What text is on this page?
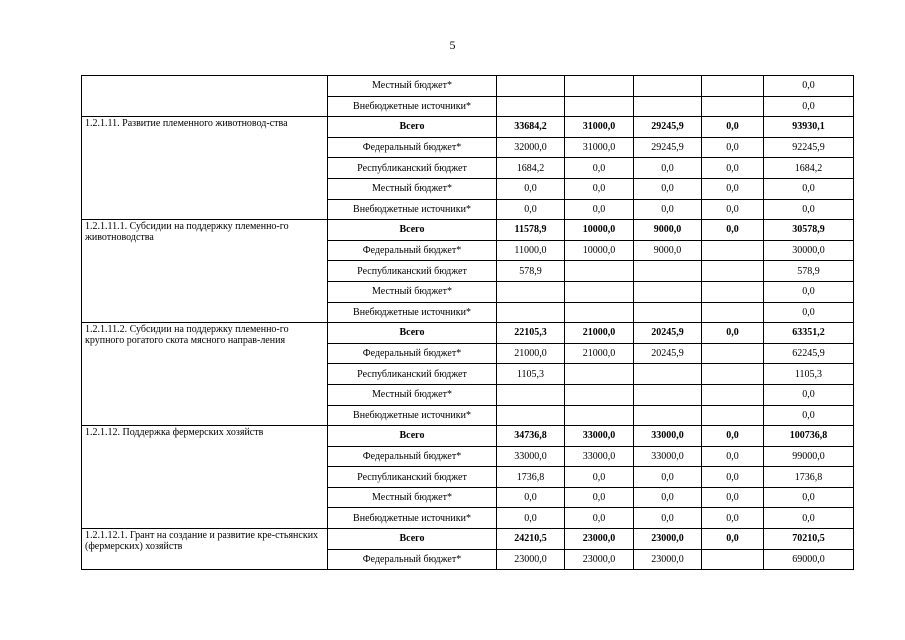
5
	Местный бюджет*					0,0
	Внебюджетные источники*					0,0
1.2.1.11. Развитие племенного животновод-ства	Всего	33684,2	31000,0	29245,9	0,0	93930,1
	Федеральный бюджет*	32000,0	31000,0	29245,9	0,0	92245,9
	Республиканский бюджет	1684,2	0,0	0,0	0,0	1684,2
	Местный бюджет*	0,0	0,0	0,0	0,0	0,0
	Внебюджетные источники*	0,0	0,0	0,0	0,0	0,0
1.2.1.11.1. Субсидии на поддержку племенно-го животноводства	Всего	11578,9	10000,0	9000,0	0,0	30578,9
	Федеральный бюджет*	11000,0	10000,0	9000,0		30000,0
	Республиканский бюджет	578,9				578,9
	Местный бюджет*					0,0
	Внебюджетные источники*					0,0
1.2.1.11.2. Субсидии на поддержку племенно-го крупного рогатого скота мясного направ-ления	Всего	22105,3	21000,0	20245,9	0,0	63351,2
	Федеральный бюджет*	21000,0	21000,0	20245,9		62245,9
	Республиканский бюджет	1105,3				1105,3
	Местный бюджет*					0,0
	Внебюджетные источники*					0,0
1.2.1.12. Поддержка фермерских хозяйств	Всего	34736,8	33000,0	33000,0	0,0	100736,8
	Федеральный бюджет*	33000,0	33000,0	33000,0	0,0	99000,0
	Республиканский бюджет	1736,8	0,0	0,0	0,0	1736,8
	Местный бюджет*	0,0	0,0	0,0	0,0	0,0
	Внебюджетные источники*	0,0	0,0	0,0	0,0	0,0
1.2.1.12.1. Грант на создание и развитие кре-стьянских (фермерских) хозяйств	Всего	24210,5	23000,0	23000,0	0,0	70210,5
	Федеральный бюджет*	23000,0	23000,0	23000,0		69000,0
